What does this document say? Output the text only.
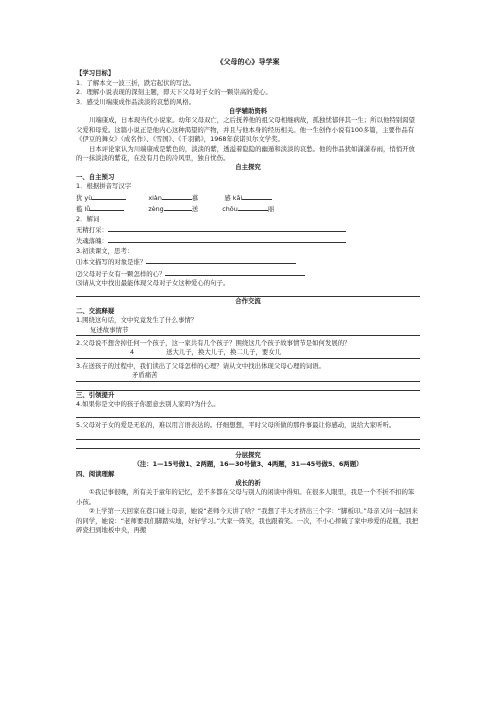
《父母的心》导学案
【学习目标】
1．了解本文一波三折，跌宕起伏的写法。
2．理解小说表现的深刻主题，即天下父母对子女的一颗崇高的爱心。
3．感受川端康成作品淡淡的哀愁的风格。
自学辅助资料
川端康成，日本现当代小说家。幼年父母双亡，之后抚养他的祖父母相继病故，孤独忧郁伴其一生；所以他特别渴望父爱和母爱。这篇小说正是他内心这种渴望的产物，并且与他本身的经历相关。他一生创作小说有100多篇，主要作品有《伊豆的舞女》（成名作）、《雪国》、《千羽鹤》，1968年获诺贝尔文学奖。
日本评论家认为川端康成是紫色的，淡淡的紫，透溢着隐隐的幽遁和淡淡的哀愁。他的作品犹如潇潇春雨，悄悄开放的一抹淡淡的紫花，在没有月色的冷风里，独自忧伤。
自主探究
一、自主预习
1．根据拼音写汉字
犹 yù	xiàn	慕	感 kǎi
褴 lǚ	zèng	送	chǒu	丽
2．解词
无精打采：
失魂落魄：
3.初读课文，思考：
⑴本文描写的对象是谁？
⑵父母对子女有一颗怎样的心？
⑶请从文中找出最能体现父母对子女这种爱心的句子。
合作交流
二、交流释疑
1.围绕这句话，文中究竟发生了什么事情？
复述故事情节
2.父母说不想舍掉任何一个孩子，这一家共有几个孩子？围绕这几个孩子故事情节是如何发展的？
4	送大儿子，换大儿子，换二儿子，要女儿
3.在送孩子的过程中，我们读出了父母怎样的心理？请从文中找出体现父母心理的词语。
矛盾痛苦
三、引领提升
4.如果你是文中的孩子你愿意去别人家吗?为什么。
5.父母对子女的爱是无私的，难以用言语表达的。仔细想想，平时父母所做的那件事最让你感动，说给大家听听。
分层探究
（注：1—15号做1、2两题，16—30号做3、4两题，31—45号做5、6两题）
四、阅读理解
成长的祈
①我记事很晚，所有关于童年的记忆，差不多都在父母与别人的闲谈中得知。在很多人眼里，我是一个不折不扣的笨小孩。
②上学第一天回家在巷口碰上母亲，她说“老师今天讲了啥？”我想了半天才挤出三个字：“脚板印。”母亲又问一起回来的同学，她说：“老师要我们脚踏实地，好好学习。”大家一阵笑，我也跟着笑。一次，不小心摔破了家中珍爱的花瓶，我把碎瓷扫到地板中央，再搬
